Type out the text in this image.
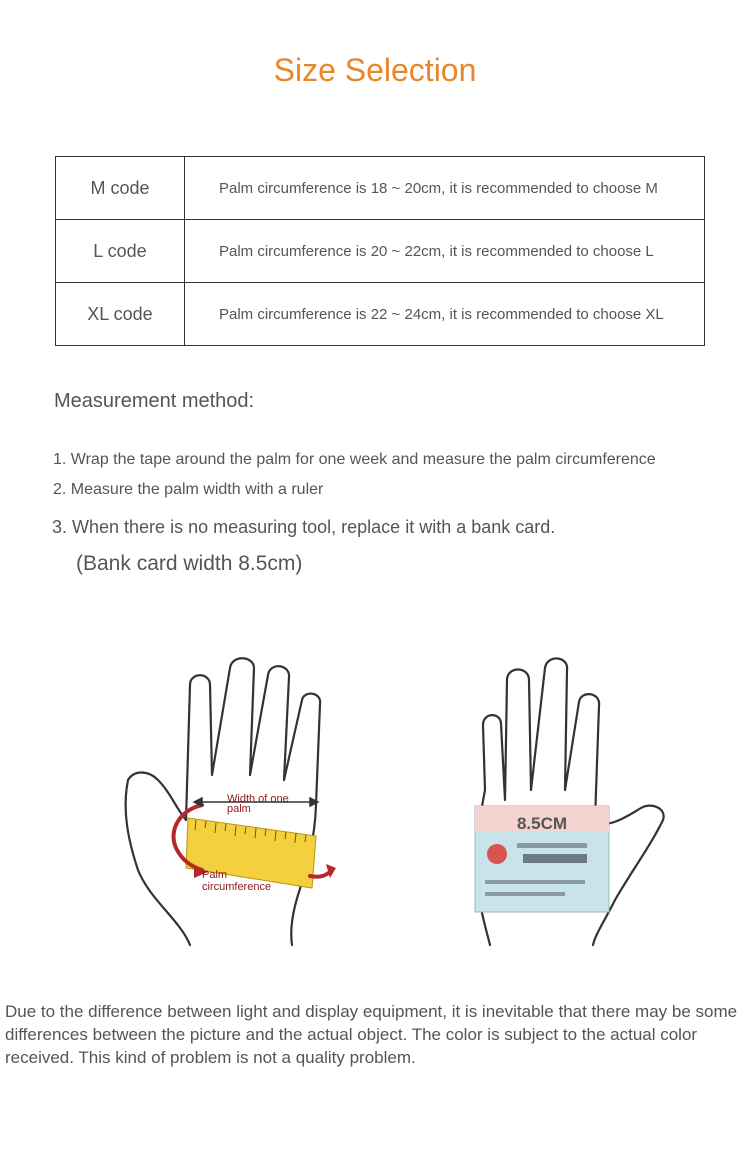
Size Selection
M code	Palm circumference is 18 ~ 20cm, it is recommended to choose M
L code	Palm circumference is 20 ~ 22cm, it is recommended to choose L
XL code	Palm circumference is 22 ~ 24cm, it is recommended to choose XL
Measurement method:
1. Wrap the tape around the palm for one week and measure the palm circumference
2. Measure the palm width with a ruler
3. When there is no measuring tool, replace it with a bank card.
(Bank card width 8.5cm)
Width of one
palm
Palm
circumference
8.5CM
Due to the difference between light and display equipment, it is inevitable that there may be some differences between the picture and the actual object. The color is subject to the actual color received. This kind of problem is not a quality problem.
